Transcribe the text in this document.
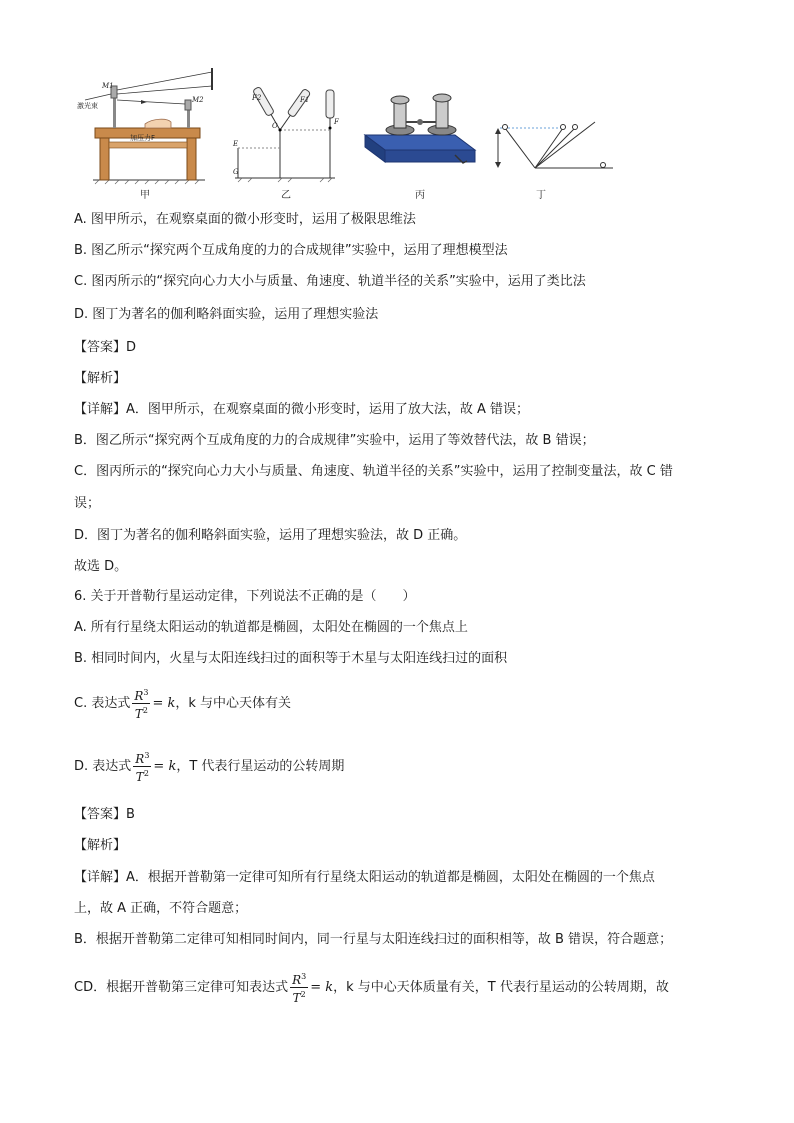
M1
M2
激光束
加压力F
甲
F2	F1
F
O
E
G
乙	丙	丁
A. 图甲所示，在观察桌面的微小形变时，运用了极限思维法
B. 图乙所示“探究两个互成角度的力的合成规律”实验中，运用了理想模型法
C. 图丙所示的“探究向心力大小与质量、角速度、轨道半径的关系”实验中，运用了类比法
D. 图丁为著名的伽利略斜面实验，运用了理想实验法
【答案】D
【解析】
【详解】A．图甲所示，在观察桌面的微小形变时，运用了放大法，故 A 错误；
B．图乙所示“探究两个互成角度的力的合成规律”实验中，运用了等效替代法，故 B 错误；
C．图丙所示的“探究向心力大小与质量、角速度、轨道半径的关系”实验中，运用了控制变量法，故 C 错
误；
D．图丁为著名的伽利略斜面实验，运用了理想实验法，故 D 正确。
故选 D。
6. 关于开普勒行星运动定律，下列说法不正确的是（　　）
A. 所有行星绕太阳运动的轨道都是椭圆，太阳处在椭圆的一个焦点上
B. 相同时间内，火星与太阳连线扫过的面积等于木星与太阳连线扫过的面积
C. 表达式 $\frac{R^3}{T^2} = k$ ，k 与中心天体有关
D. 表达式 $\frac{R^3}{T^2} = k$ ，T 代表行星运动的公转周期
【答案】B
【解析】
【详解】A．根据开普勒第一定律可知所有行星绕太阳运动的轨道都是椭圆，太阳处在椭圆的一个焦点
上，故 A 正确，不符合题意；
B．根据开普勒第二定律可知相同时间内，同一行星与太阳连线扫过的面积相等，故 B 错误，符合题意；
CD．根据开普勒第三定律可知表达式 $\frac{R^3}{T^2} = k$ ，k 与中心天体质量有关，T 代表行星运动的公转周期，故
